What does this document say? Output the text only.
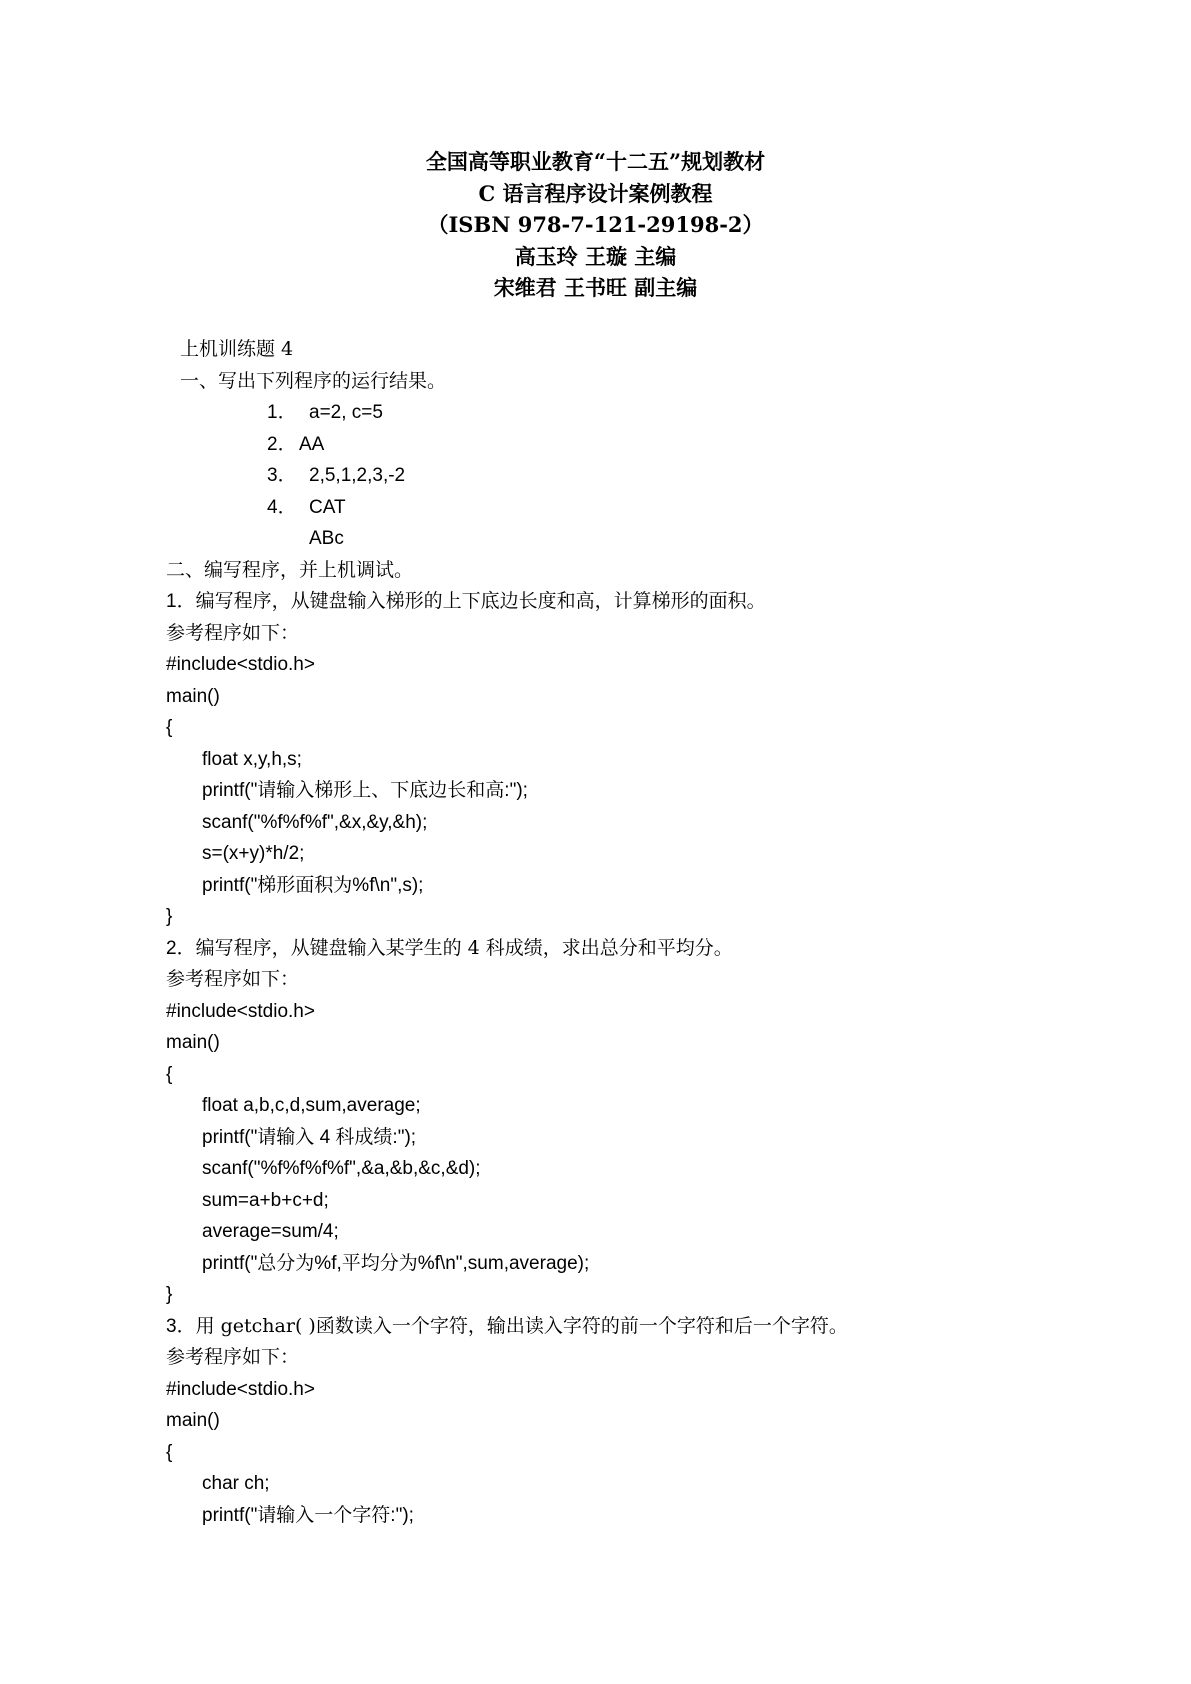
全国高等职业教育“十二五”规划教材
C 语言程序设计案例教程
（ISBN 978-7-121-29198-2）
高玉玲 王璇 主编
宋维君 王书旺 副主编
上机训练题 4
一、写出下列程序的运行结果。
1． a=2, c=5
2． AA
3． 2,5,1,2,3,-2
4． CAT
ABc
二、编写程序，并上机调试。
1．编写程序，从键盘输入梯形的上下底边长度和高，计算梯形的面积。
参考程序如下：
#include<stdio.h>
main()
{
float x,y,h,s;
printf("请输入梯形上、下底边长和高:");
scanf("%f%f%f",&x,&y,&h);
s=(x+y)*h/2;
printf("梯形面积为%f\n",s);
}
2．编写程序，从键盘输入某学生的 4 科成绩，求出总分和平均分。
参考程序如下：
#include<stdio.h>
main()
{
float a,b,c,d,sum,average;
printf("请输入 4 科成绩:");
scanf("%f%f%f%f",&a,&b,&c,&d);
sum=a+b+c+d;
average=sum/4;
printf("总分为%f,平均分为%f\n",sum,average);
}
3．用 getchar( )函数读入一个字符，输出读入字符的前一个字符和后一个字符。
参考程序如下：
#include<stdio.h>
main()
{
char ch;
printf("请输入一个字符:");
